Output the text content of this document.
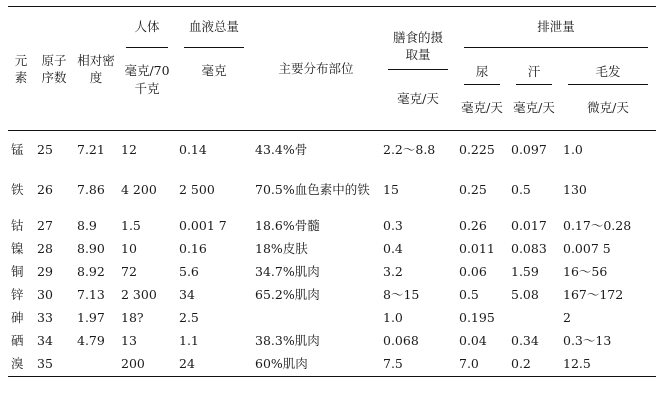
元素	原子序数	相对密度	人体	血液总量	主要分布部位	膳食的摄取量	排泄量		

			毫克/70千克	毫克			尿	汗	毛发

						毫克/天	毫克/天	毫克/天	微克/天
锰	25	7.21	12	0.14	43.4%骨	2.2～8.8	0.225	0.097	1.0
铁	26	7.86	4 200	2 500	70.5%血色素中的铁	15	0.25	0.5	130
钴	27	8.9	1.5	0.001 7	18.6%骨髓	0.3	0.26	0.017	0.17～0.28
镍	28	8.90	10	0.16	18%皮肤	0.4	0.011	0.083	0.007 5
铜	29	8.92	72	5.6	34.7%肌肉	3.2	0.06	1.59	16～56
锌	30	7.13	2 300	34	65.2%肌肉	8～15	0.5	5.08	167～172
砷	33	1.97	18?	2.5		1.0	0.195		2
硒	34	4.79	13	1.1	38.3%肌肉	0.068	0.04	0.34	0.3～13
溴	35		200	24	60%肌肉	7.5	7.0	0.2	12.5
